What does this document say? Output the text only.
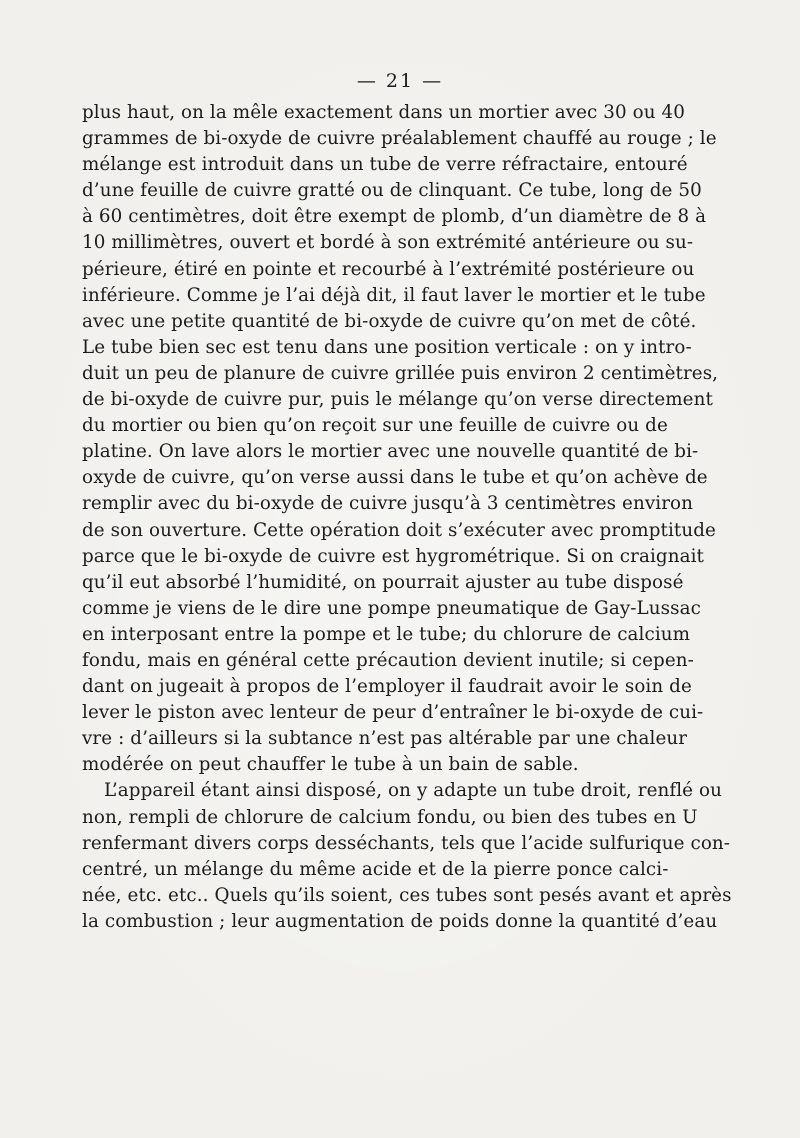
— 21 —
plus haut, on la mêle exactement dans un mortier avec 30 ou 40
grammes de bi-oxyde de cuivre préalablement chauffé au rouge ; le
mélange est introduit dans un tube de verre réfractaire, entouré
d’une feuille de cuivre gratté ou de clinquant. Ce tube, long de 50
à 60 centimètres, doit être exempt de plomb, d’un diamètre de 8 à
10 millimètres, ouvert et bordé à son extrémité antérieure ou su-
périeure, étiré en pointe et recourbé à l’extrémité postérieure ou
inférieure. Comme je l’ai déjà dit, il faut laver le mortier et le tube
avec une petite quantité de bi-oxyde de cuivre qu’on met de côté.
Le tube bien sec est tenu dans une position verticale : on y intro-
duit un peu de planure de cuivre grillée puis environ 2 centimètres,
de bi-oxyde de cuivre pur, puis le mélange qu’on verse directement
du mortier ou bien qu’on reçoit sur une feuille de cuivre ou de
platine. On lave alors le mortier avec une nouvelle quantité de bi-
oxyde de cuivre, qu’on verse aussi dans le tube et qu’on achève de
remplir avec du bi-oxyde de cuivre jusqu’à 3 centimètres environ
de son ouverture. Cette opération doit s’exécuter avec promptitude
parce que le bi-oxyde de cuivre est hygrométrique. Si on craignait
qu’il eut absorbé l’humidité, on pourrait ajuster au tube disposé
comme je viens de le dire une pompe pneumatique de Gay-Lussac
en interposant entre la pompe et le tube; du chlorure de calcium
fondu, mais en général cette précaution devient inutile; si cepen-
dant on jugeait à propos de l’employer il faudrait avoir le soin de
lever le piston avec lenteur de peur d’entraîner le bi-oxyde de cui-
vre : d’ailleurs si la subtance n’est pas altérable par une chaleur
modérée on peut chauffer le tube à un bain de sable.
L’appareil étant ainsi disposé, on y adapte un tube droit, renflé ou
non, rempli de chlorure de calcium fondu, ou bien des tubes en U
renfermant divers corps desséchants, tels que l’acide sulfurique con-
centré, un mélange du même acide et de la pierre ponce calci-
née, etc. etc.. Quels qu’ils soient, ces tubes sont pesés avant et après
la combustion ; leur augmentation de poids donne la quantité d’eau
